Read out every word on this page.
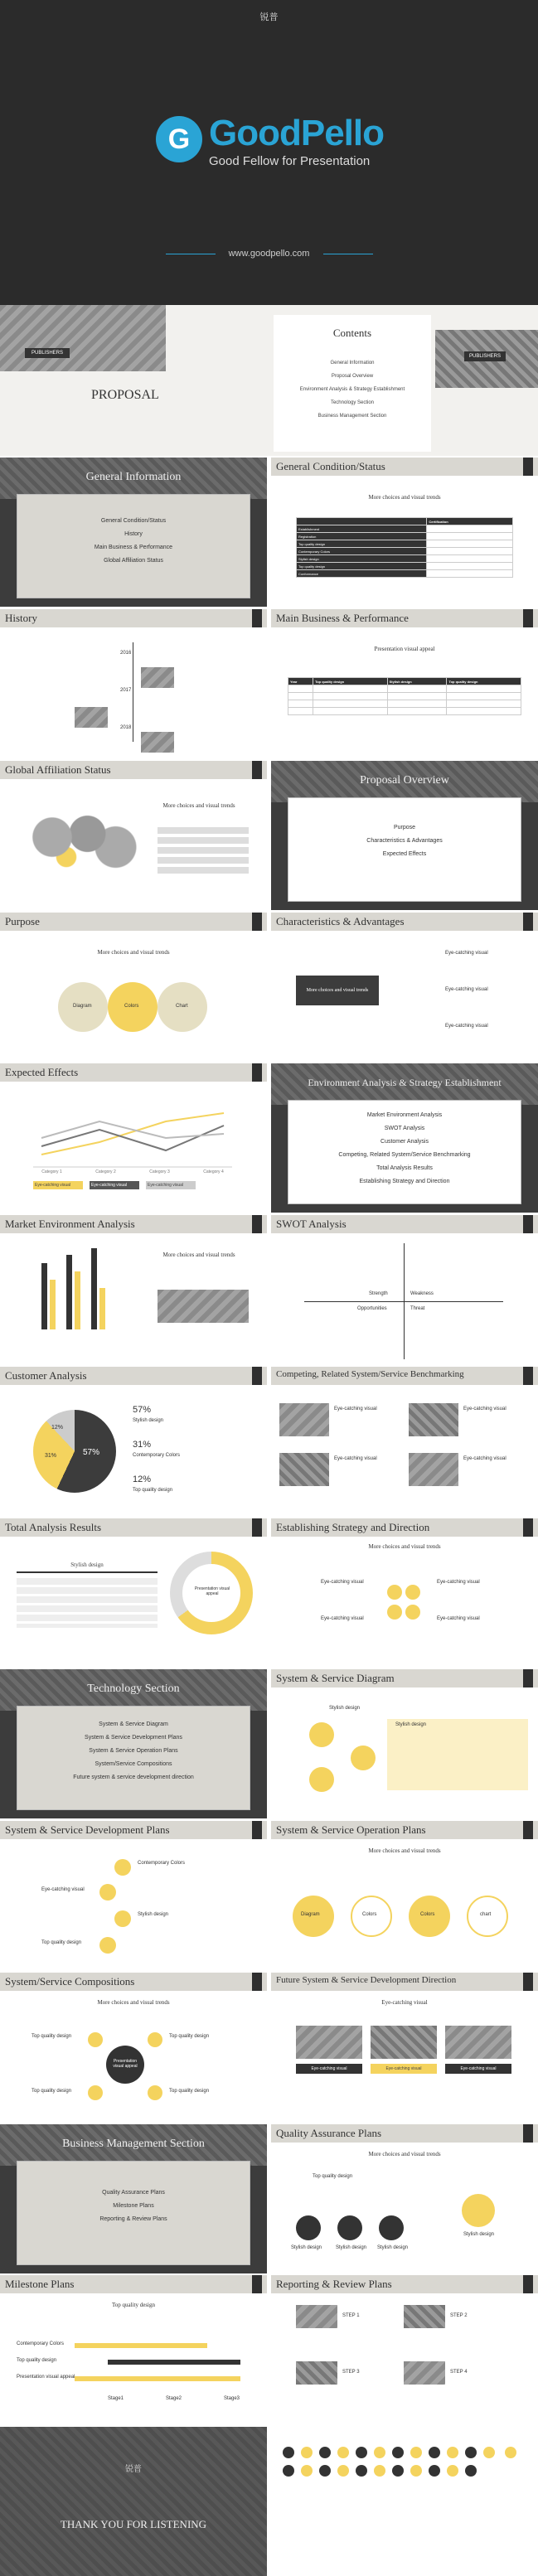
锐普
G GoodPello
Good Fellow for Presentation
www.goodpello.com
PUBLISHERS
PROPOSAL
Contents
General Information
Proposal Overview
Environment Analysis & Strategy Establishment
Technology Section
Business Management Section
PUBLISHERS
General Information
General Condition/Status
History
Main Business & Performance
Global Affiliation Status
General Condition/Status
More choices and visual trends
	Certification
Establishment	
Registration	
Top quality design	
Contemporary Colors	
Stylish design	
Top quality design	
Conformance	
History
2016
2017
2018
Main Business & Performance
Presentation visual appeal
Year	Top quality design	Stylish design	Top quality design

Global Affiliation Status
More choices and visual trends
Proposal Overview
Purpose
Characteristics & Advantages
Expected Effects
Purpose
More choices and visual trends
Diagram	Colors	Chart
Characteristics & Advantages
More choices and visual trends
Eye-catching visual
Eye-catching visual
Eye-catching visual
Expected Effects
Category 1	Category 2	Category 3	Category 4
Eye-catching visual	Eye-catching visual	Eye-catching visual
Environment Analysis & Strategy Establishment
Market Environment Analysis
SWOT Analysis
Customer Analysis
Competing, Related System/Service Benchmarking
Total Analysis Results
Establishing Strategy and Direction
Market Environment Analysis
More choices and visual trends
SWOT Analysis
Strength	Weakness
Opportunities	Threat
Customer Analysis
57%
12%
31%
57%
Stylish design
31%
Contemporary Colors
12%
Top quality design
Competing, Related System/Service Benchmarking
Eye-catching visual	Eye-catching visual
Eye-catching visual	Eye-catching visual
Total Analysis Results
Stylish design
Presentation visual appeal
Establishing Strategy and Direction
More choices and visual trends
Eye-catching visual	Eye-catching visual
Eye-catching visual	Eye-catching visual
Technology Section
System & Service Diagram
System & Service Development Plans
System & Service Operation Plans
System/Service Compositions
Future system & service development direction
System & Service Diagram
Stylish design
Stylish design
System & Service Development Plans
Contemporary Colors
Eye-catching visual
Stylish design
Top quality design
System & Service Operation Plans
More choices and visual trends
Diagram	Colors	Colors	chart
System/Service Compositions
More choices and visual trends
Presentation visual appeal
Top quality design	Top quality design
Top quality design	Top quality design
Future System & Service Development Direction
Eye-catching visual
Eye-catching visual	Eye-catching visual	Eye-catching visual
Business Management Section
Quality Assurance Plans
Milestone Plans
Reporting & Review Plans
Quality Assurance Plans
More choices and visual trends
Top quality design
Stylish design	Stylish design Stylish design
Stylish design
Milestone Plans
Top quality design
Contemporary Colors
Top quality design
Presentation visual appeal
Stage1	Stage2	Stage3
Reporting & Review Plans
STEP 1	STEP 2
STEP 3	STEP 4
锐普
THANK YOU FOR LISTENING
